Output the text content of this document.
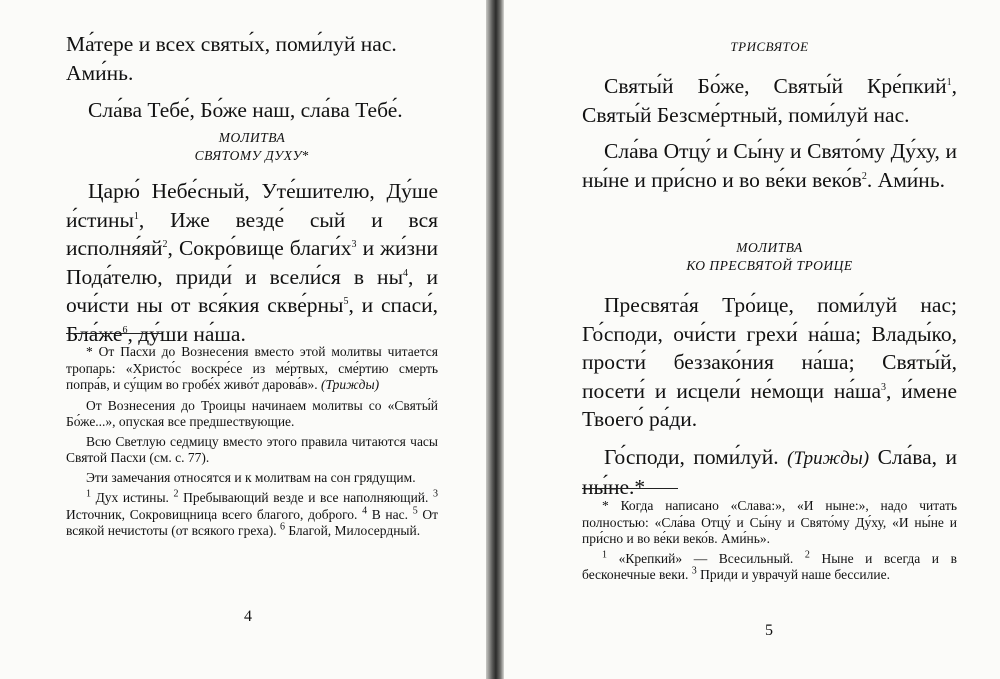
Ма́тере и всех святы́х, поми́луй нас.

Ами́нь.

Сла́ва Тебе́, Бо́же наш, сла́ва Тебе́.

МОЛИТВА

СВЯТОМУ ДУХУ*

Царю́ Небе́сный, Уте́шителю, Ду́ше и́стины$^1$, Иже везде́ сый и вся $исполня́яй^2$, Сокро́вище $благи́х^3$ и жи́зни Пода́телю, приди́ и всели́ся в $ны^4$, и очи́сти ны от вся́кия скве́рны$^5$, и спаси́, $Бла́же^6$, ду́ши на́ша.

* От Пасхи до Вознесения вместо этой молитвы читается тропарь: «Христо́с воскре́се из ме́ртвых, сме́ртию смерть попра́в, и су́щим во гробе́х живо́т дарова́в». (Трижды)

От Вознесения до Троицы начинаем молитвы со «Святы́й Бо́же...», опуская все предшествующие.

Всю Светлую седмицу вместо этого правила читаются часы Святой Пасхи (см. с. 77).

Эти замечания относятся и к молитвам на сон грядущим.

$^1$ Дух истины. $^2$ Пребывающий везде и все наполняющий. $^3$ Источник, Сокровищница всего благого, доброго. $^4$ В нас. $^5$ От всякой нечистоты (от всякого греха). $^6$ Благой, Милосердный.

4

ТРИСВЯТОЕ

Святы́й Бо́же, Святы́й Кре́пкий$^1$, Святы́й Безсме́ртный, поми́луй нас.

Сла́ва Отцу́ и Сы́ну и Свято́му Ду́ху, и ны́не и при́сно и во ве́ки $веко́в^2$. Ами́нь.

МОЛИТВА

КО ПРЕСВЯТОЙ ТРОИЦЕ

Пресвята́я Тро́ице, поми́луй нас; Го́споди, очи́сти грехи́ на́ша; Влады́ко, прости́ беззако́ния на́ша; Святы́й, посети́ и исцели́ не́мощи $на́ша^3$, и́мене Твоего́ ра́ди.

Го́споди, поми́луй. (Трижды) Сла́ва, и ны́не.*

* Когда написано «Слава:», «И ныне:», надо читать полностью: «Сла́ва Отцу́ и Сы́ну и Свято́му Ду́ху, «И ны́не и при́сно и во ве́ки веко́в. Ами́нь».

$^1$ «Крепкий» — Всесильный. $^2$ Ныне и всегда и в бесконечные веки. $^3$ Приди и уврачуй наше бессилие.

5
